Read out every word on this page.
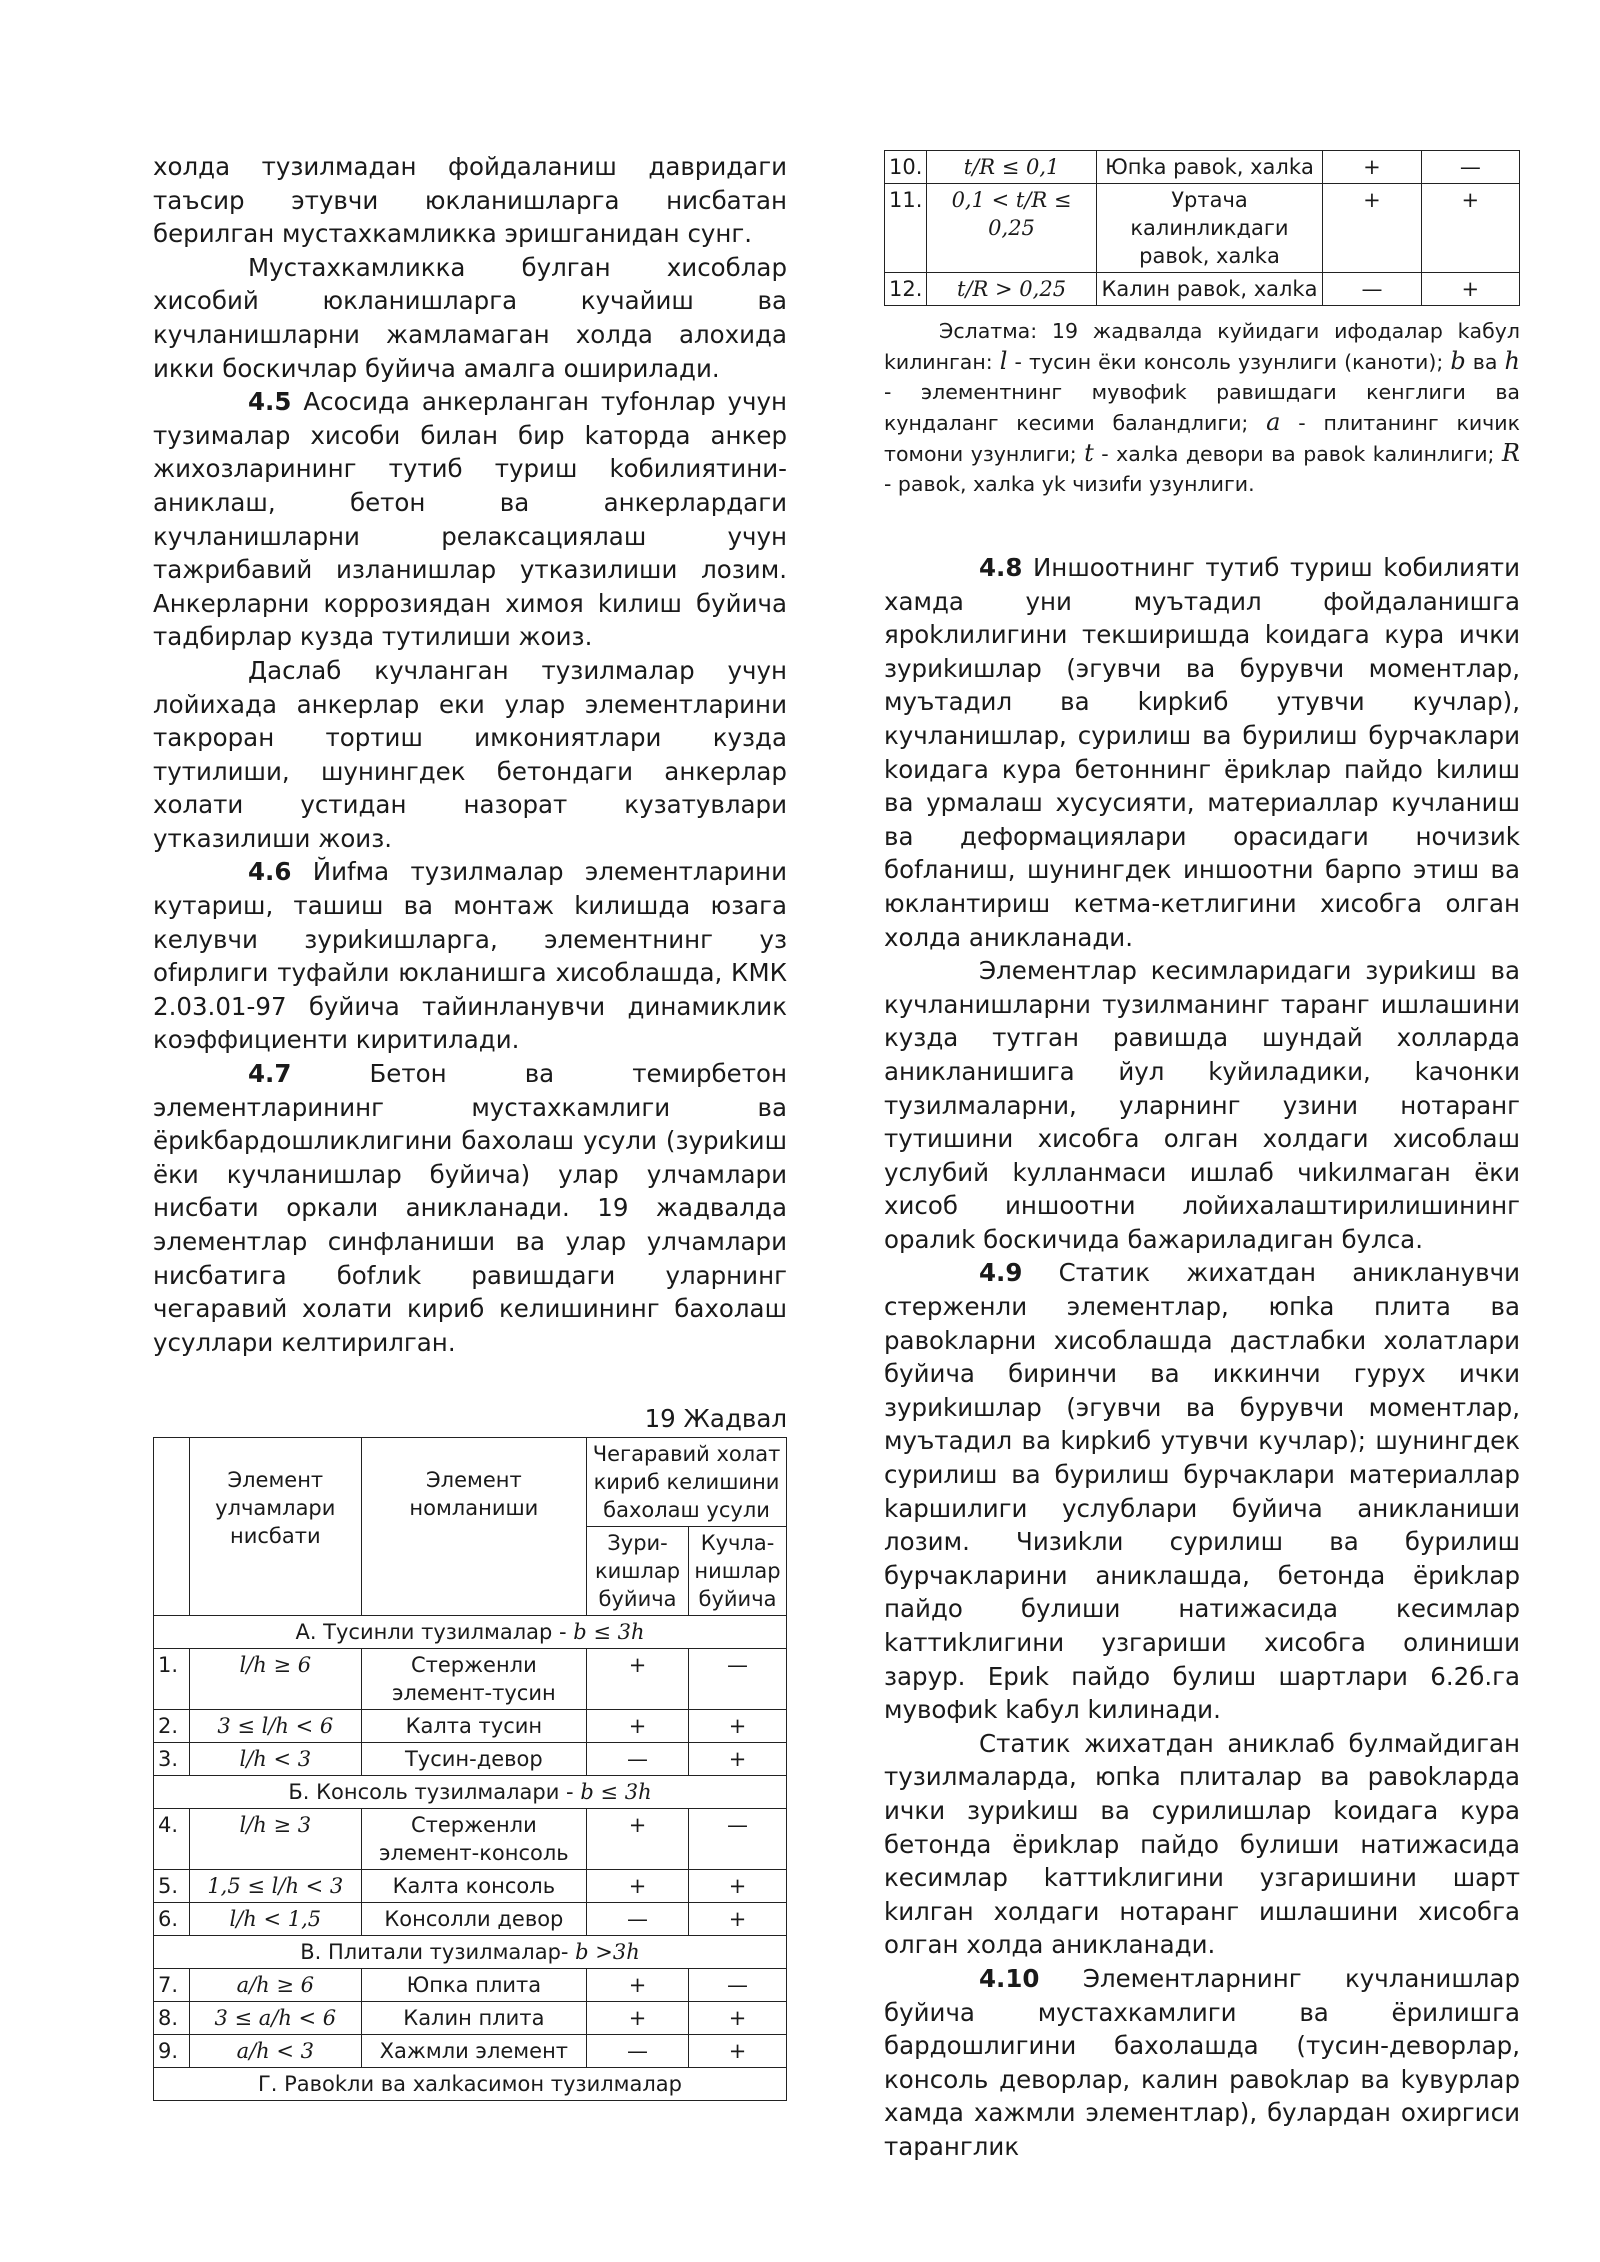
холда тузилмадан фойдаланиш давридаги таъсир этувчи юкланишларга нисбатан берилган мустахкамликка эришганидан сунг.

Мустахкамликка булган хисоблар хисобий юкланишларга кучайиш ва кучланишларни жамламаган холда алохида икки боскичлар буйича амалга оширилади.

4.5 Асосида анкерланган туfонлар учун тузималар хисоби билан бир kаторда анкер жихозларининг тутиб туриш kобилиятини-аниклаш, бетон ва анкерлардаги кучланишларни релаксациялаш учун тажрибавий изланишлар утказилиши лозим. Анкерларни коррозиядан химоя kилиш буйича тадбирлар кузда тутилиши жоиз.

Даслаб кучланган тузилмалар учун лойихада анкерлар еки улар элементларини такроран тортиш имкониятлари кузда тутилиши, шунингдек бетондаги анкерлар холати устидан назорат кузатувлари утказилиши жоиз.

4.6 Йиfма тузилмалар элементларини кутариш, ташиш ва монтаж kилишда юзага келувчи зуриkишларга, элементнинг уз оfирлиги туфайли юкланишга хисоблашда, КМК 2.03.01-97 буйича тайинланувчи динамиклик коэффициенти киритилади.

4.7	Бетон ва темирбетон элементларининг мустахкамлиги ва ёриkбардошликлигини бахолаш усули (зуриkиш ёки кучланишлар буйича) улар улчамлари нисбати оркали аникланади. 19 жадвалда элементлар синфланиши ва улар улчамлари нисбатига боfлиk равишдаги уларнинг чегаравий холати кириб келишининг бахолаш усуллари келтирилган.

19 Жадвал

	Элемент улчамлари нисбати	Элемент номланиши	Чегаравий холат кириб келишини бахолаш усули	
			Зури-кишлар буйича	Кучла-нишлар буйича
А. Тусинли тузилмалар - b ≤ 3h				
1.	l/h ≥ 6	Стерженли элемент-тусин	+	—
2.	3 ≤ l/h < 6	Калта тусин	+	+
3.	l/h < 3	Тусин-девор	—	+
Б. Консоль тузилмалари - b ≤ 3h				
4.	l/h ≥ 3	Стерженли элемент-консоль	+	—
5.	1,5 ≤ l/h < 3	Калта консоль	+	+
6.	l/h < 1,5	Консолли девор	—	+
В. Плитали тузилмалар- b >3h				
7.	a/h ≥ 6	Юпка плита	+	—
8.	3 ≤ a/h < 6	Калин плита	+	+
9.	a/h < 3	Хажмли элемент	—	+
Г. Равоkли ва халkасимон тузилмалар				
10.	t/R ≤ 0,1	Юпkа равоk, халkа	+	—
11.	0,1 < t/R ≤ 0,25	Уртача калинликдаги равоk, халkа	+	+
12.	t/R > 0,25	Калин равоk, халkа	—	+

Эслатма: 19 жадвалда куйидаги ифодалар kабул kилинган: l - тусин ёки консоль узунлиги (каноти); b ва h - элементнинг мувофиk равишдаги кенглиги ва кундаланг кесими баландлиги; a - плитанинг кичик томони узунлиги; t - халkа девори ва равоk kалинлиги; R - равоk, халkа уk чизиfи узунлиги.

4.8 Иншоотнинг тутиб туриш kобилияти хамда уни муътадил фойдаланишга яроkлилигини текширишда kоидага кура ички зуриkишлар (эгувчи ва бурувчи моментлар, муътадил ва kирkиб утувчи кучлар), кучланишлар, сурилиш ва бурилиш бурчаклари kоидага кура бетоннинг ёриkлар пайдо kилиш ва урмалаш хусусияти, материаллар кучланиш ва деформациялари орасидаги ночизиk боfланиш, шунингдек иншоотни барпо этиш ва юклантириш кетма-кетлигини хисобга олган холда аникланади.

Элементлар кесимларидаги зуриkиш ва кучланишларни тузилманинг таранг ишлашини кузда тутган равишда шундай холларда аникланишига йул kуйиладики, kачонки тузилмаларни, уларнинг узини нотаранг тутишини хисобга олган холдаги хисоблаш услубий kулланмаси ишлаб чиkилмаган ёки хисоб иншоотни лойихалаштирилишининг оралиk боскичида бажариладиган булса.

4.9 Статик жихатдан аникланувчи стерженли элементлар, юпkа плита ва равоkларни хисоблашда дастлабки холатлари буйича биринчи ва иккинчи гурух ички зуриkишлар (эгувчи ва бурувчи моментлар, муътадил ва kирkиб утувчи кучлар); шунингдек сурилиш ва бурилиш бурчаклари материаллар kаршилиги услублари буйича аникланиши лозим. Чизиkли сурилиш ва бурилиш бурчакларини аниклашда, бетонда ёриkлар пайдо булиши натижасида кесимлар kаттиkлигини узгариши хисобга олиниши зарур. Ериk пайдо булиш шартлари 6.2б.га мувофиk kабул kилинади.

Статик жихатдан аниклаб булмайдиган тузилмаларда, юпkа плиталар ва равоkларда ички зуриkиш ва сурилишлар kоидага кура бетонда ёриkлар пайдо булиши натижасида кесимлар kаттиkлигини узгаришини шарт kилган холдаги нотаранг ишлашини хисобга олган холда аникланади.

4.10 Элементларнинг кучланишлар буйича мустахкамлиги ва ёрилишга бардошлигини бахолашда (тусин-деворлар, консоль деворлар, калин равоkлар ва kувурлар хамда хажмли элементлар), булардан охиргиси таранглик
